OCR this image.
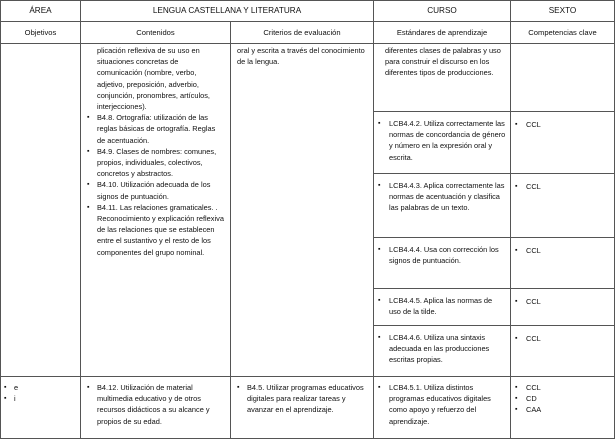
ÁREA	LENGUA CASTELLANA Y LITERATURA		CURSO	SEXTO
Objetivos	Contenidos	Criterios de evaluación	Estándares de aprendizaje	Competencias clave

	plicación reflexiva de su uso en situaciones concretas de comunicación (nombre, verbo, adjetivo, preposición, adverbio, conjunción, pronombres, artículos, interjecciones).
▪ B4.8. Ortografía: utilización de las reglas básicas de ortografía. Reglas de acentuación.
▪ B4.9. Clases de nombres: comunes, propios, individuales, colectivos, concretos y abstractos.
▪ B4.10. Utilización adecuada de los signos de puntuación.
▪ B4.11. Las relaciones gramaticales. . Reconocimiento y explicación reflexiva de las relaciones que se establecen entre el sustantivo y el resto de los componentes del grupo nominal.	oral y escrita a través del conocimiento de la lengua.	diferentes clases de palabras y uso para construir el discurso en los diferentes tipos de producciones.	

			▪ LCB4.4.2. Utiliza correctamente las normas de concordancia de género y número en la expresión oral y escrita.	▪ CCL

			▪ LCB4.4.3. Aplica correctamente las normas de acentuación y clasifica las palabras de un texto.	▪ CCL

			▪ LCB4.4.4. Usa con corrección los signos de puntuación.	▪ CCL

			▪ LCB4.4.5. Aplica las normas de uso de la tilde.	▪ CCL

			▪ LCB4.4.6. Utiliza una sintaxis adecuada en las producciones escritas propias.	▪ CCL

▪ e
▪ i	▪ B4.12. Utilización de material multimedia educativo y de otros recursos didácticos a su alcance y propios de su edad.	▪ B4.5. Utilizar programas educativos digitales para realizar tareas y avanzar en el aprendizaje.	▪ LCB4.5.1. Utiliza distintos programas educativos digitales como apoyo y refuerzo del aprendizaje.	▪ CCL
▪ CD
▪ CAA
